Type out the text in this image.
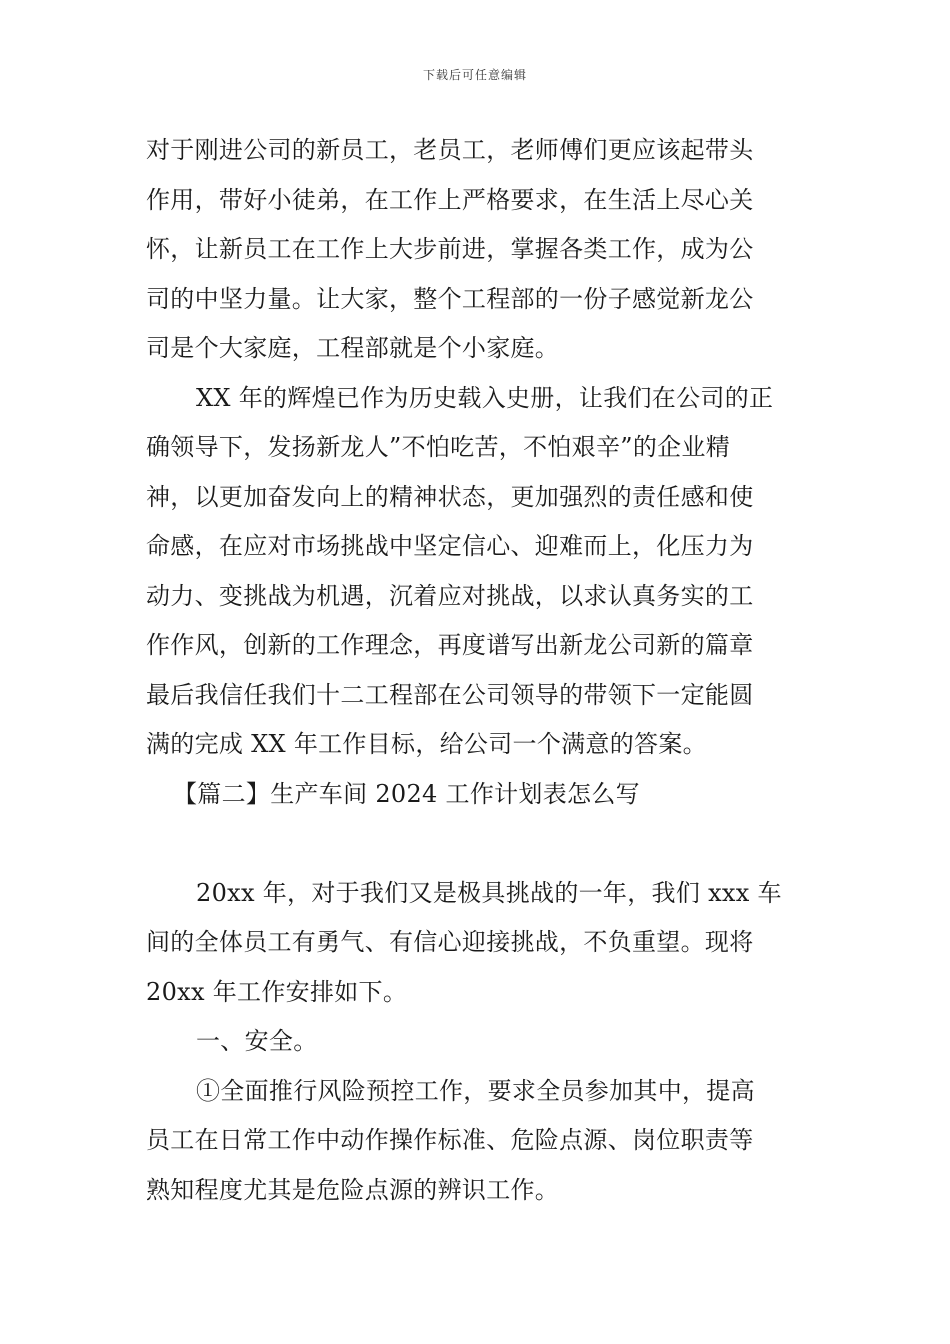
下载后可任意编辑
对于刚进公司的新员工，老员工，老师傅们更应该起带头
作用，带好小徒弟，在工作上严格要求，在生活上尽心关
怀，让新员工在工作上大步前进，掌握各类工作，成为公
司的中坚力量。让大家，整个工程部的一份子感觉新龙公
司是个大家庭，工程部就是个小家庭。
XX 年的辉煌已作为历史载入史册，让我们在公司的正
确领导下，发扬新龙人”不怕吃苦，不怕艰辛”的企业精
神，以更加奋发向上的精神状态，更加强烈的责任感和使
命感，在应对市场挑战中坚定信心、迎难而上，化压力为
动力、变挑战为机遇，沉着应对挑战，以求认真务实的工
作作风，创新的工作理念，再度谱写出新龙公司新的篇章
最后我信任我们十二工程部在公司领导的带领下一定能圆
满的完成 XX 年工作目标，给公司一个满意的答案。
【篇二】生产车间 2024 工作计划表怎么写
20xx 年，对于我们又是极具挑战的一年，我们 xxx 车
间的全体员工有勇气、有信心迎接挑战，不负重望。现将
20xx 年工作安排如下。
一、安全。
①全面推行风险预控工作，要求全员参加其中，提高
员工在日常工作中动作操作标准、危险点源、岗位职责等
熟知程度尤其是危险点源的辨识工作。
